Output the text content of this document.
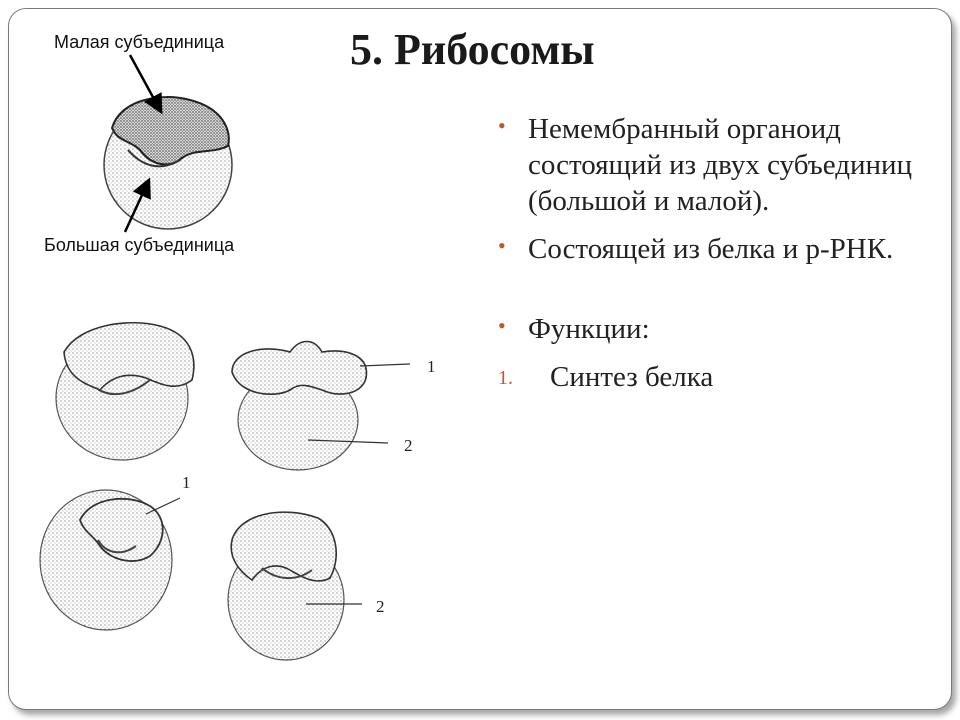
5. Рибосомы
• Немембранный органоид состоящий из двух субъединиц (большой и малой).
• Состоящей из белка и р-РНК.
• Функции:
1. Синтез белка
Малая субъединица
Большая субъединица
1
2
1
2
